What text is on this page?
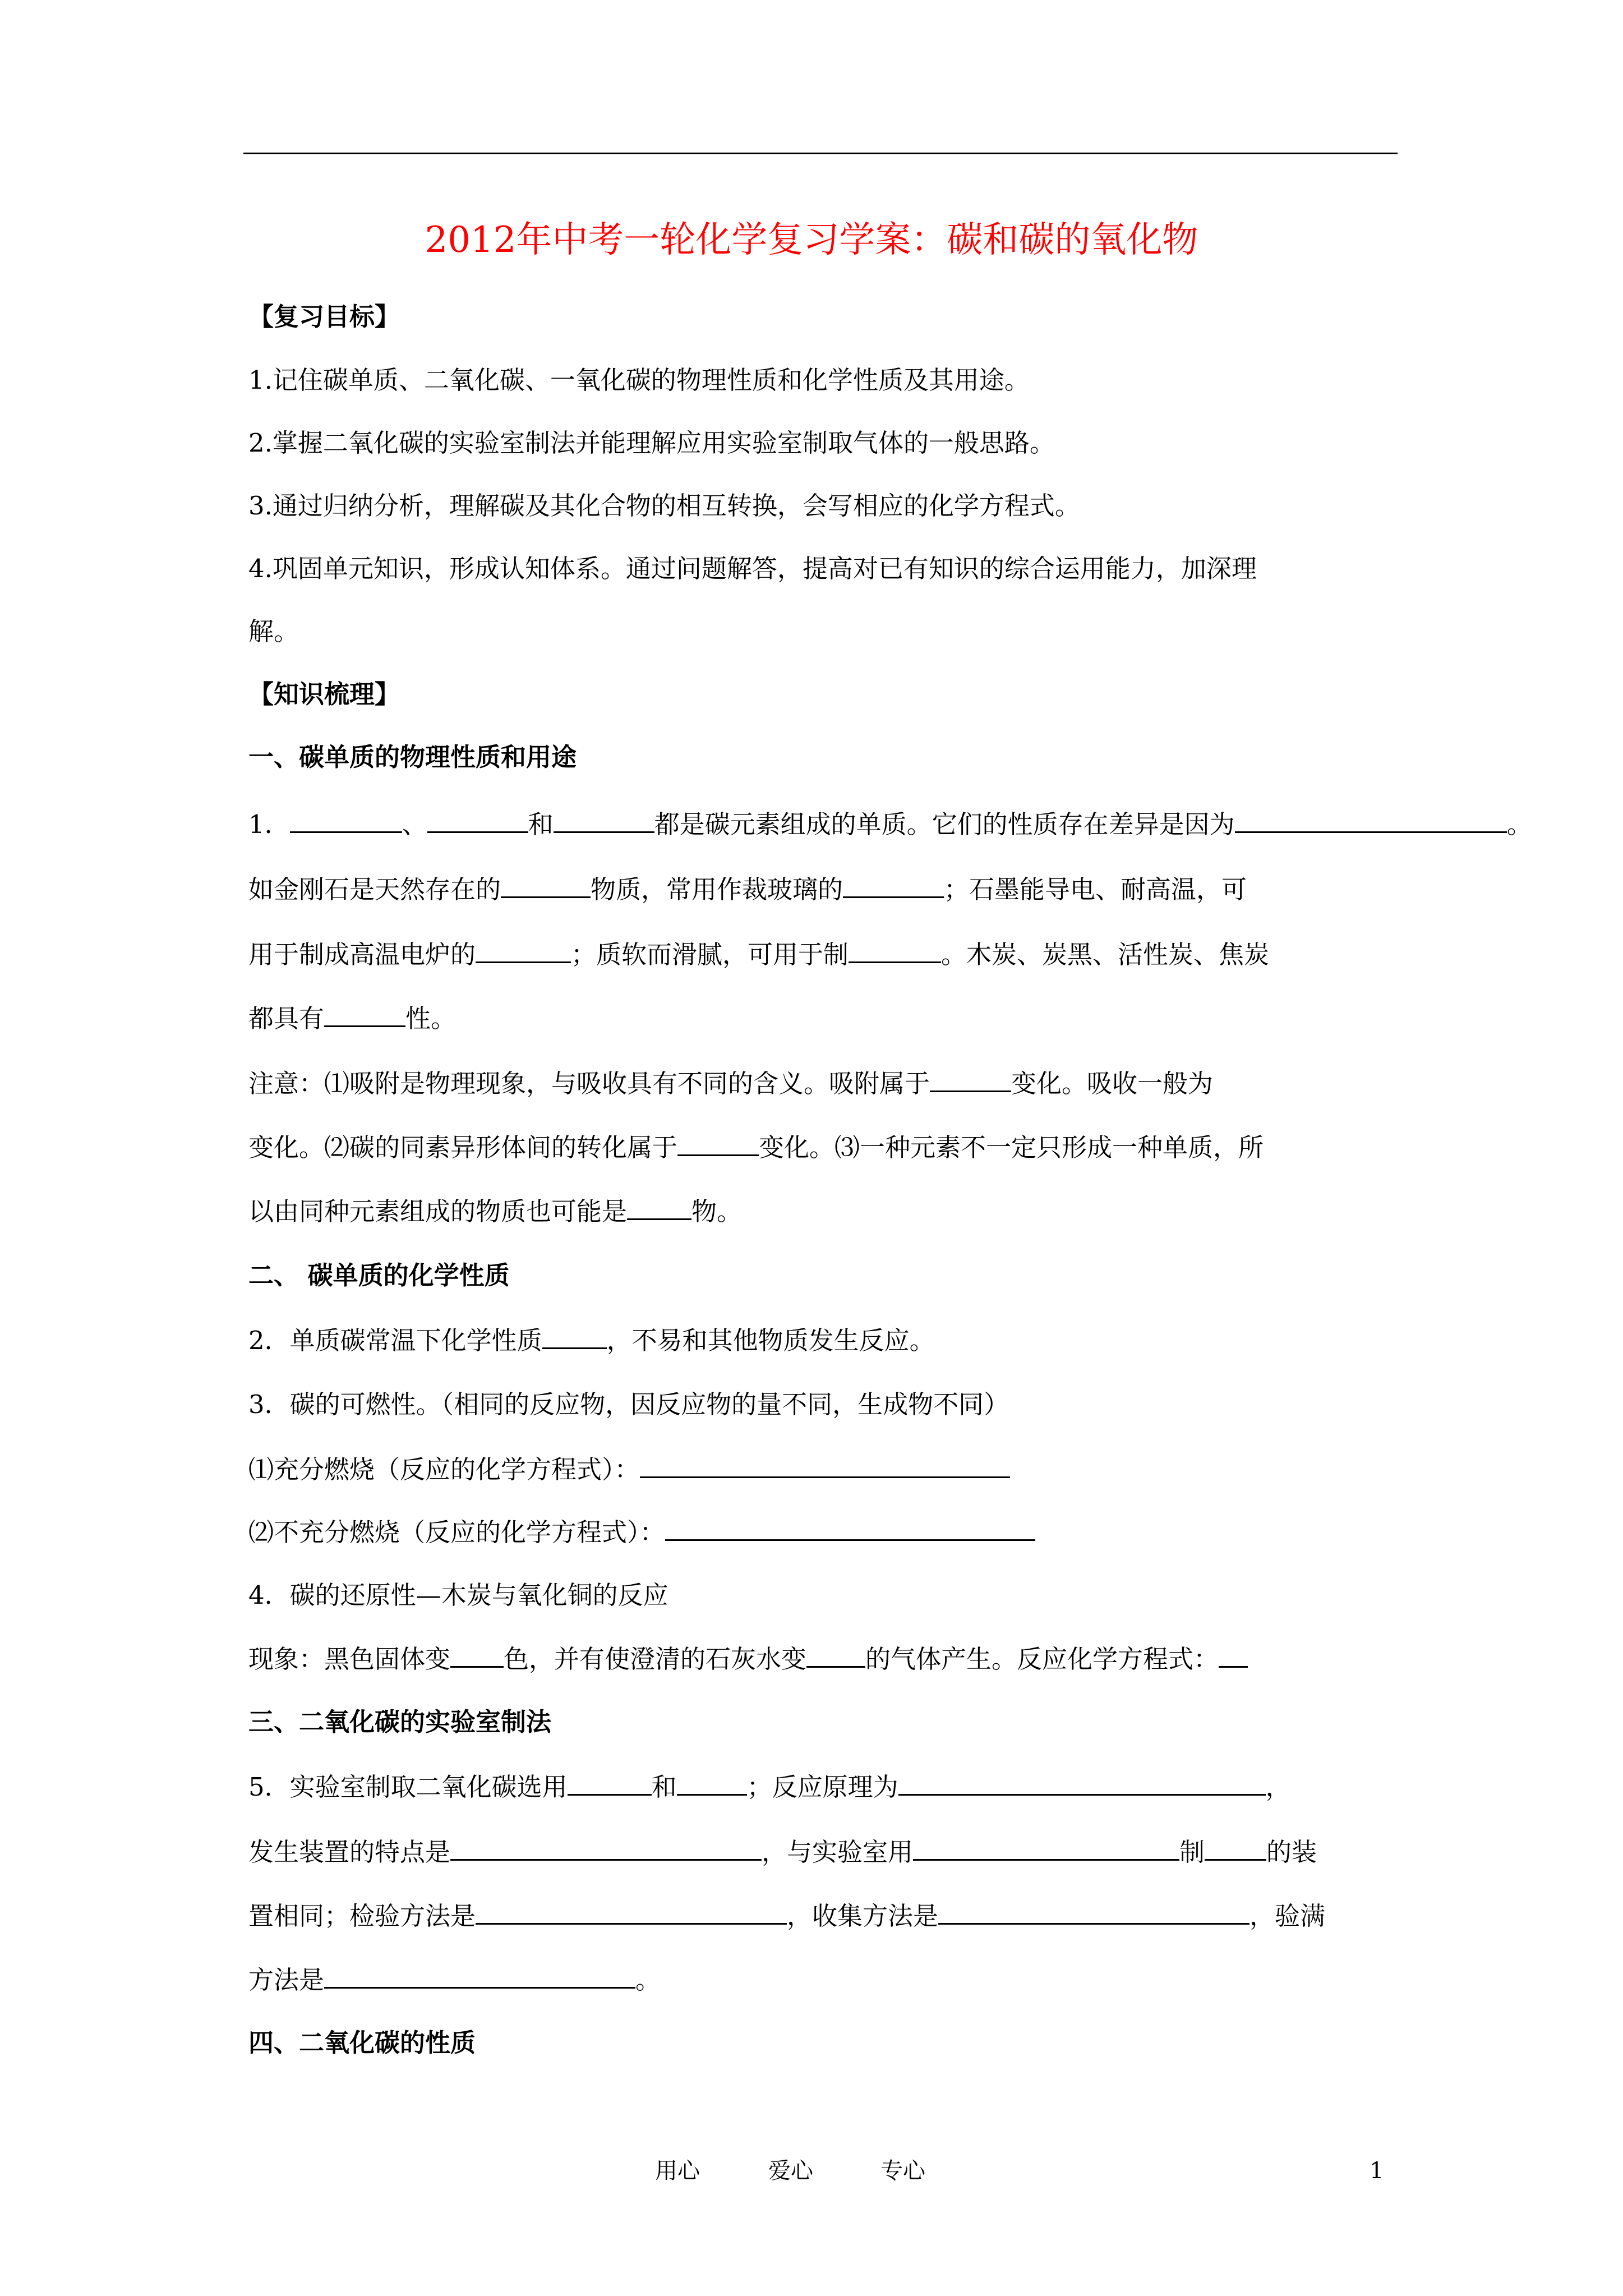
2012年中考一轮化学复习学案：碳和碳的氧化物
【复习目标】
1.记住碳单质、二氧化碳、一氧化碳的物理性质和化学性质及其用途。
2.掌握二氧化碳的实验室制法并能理解应用实验室制取气体的一般思路。
3.通过归纳分析，理解碳及其化合物的相互转换，会写相应的化学方程式。
4.巩固单元知识，形成认知体系。通过问题解答，提高对已有知识的综合运用能力，加深理
解。
【知识梳理】
一、碳单质的物理性质和用途
1．	、	和	都是碳元素组成的单质。它们的性质存在差异是因为	。
如金刚石是天然存在的	物质，常用作裁玻璃的	；石墨能导电、耐高温，可
用于制成高温电炉的	；质软而滑腻，可用于制	。木炭、炭黑、活性炭、焦炭
都具有	性。
注意：⑴吸附是物理现象，与吸收具有不同的含义。吸附属于	变化。吸收一般为
变化。⑵碳的同素异形体间的转化属于	变化。⑶一种元素不一定只形成一种单质，所
以由同种元素组成的物质也可能是	物。
二、 碳单质的化学性质
2．单质碳常温下化学性质	，不易和其他物质发生反应。
3．碳的可燃性。（相同的反应物，因反应物的量不同，生成物不同）
⑴充分燃烧（反应的化学方程式）：
⑵不充分燃烧（反应的化学方程式）：
4．碳的还原性—木炭与氧化铜的反应
现象：黑色固体变 色，并有使澄清的石灰水变 的气体产生。反应化学方程式：
三、二氧化碳的实验室制法
5．实验室制取二氧化碳选用	和	；反应原理为	，
发生装置的特点是	，与实验室用	制 的装
置相同；检验方法是	，收集方法是	，验满
方法是	。
四、二氧化碳的性质
用心	爱心	专心	1
